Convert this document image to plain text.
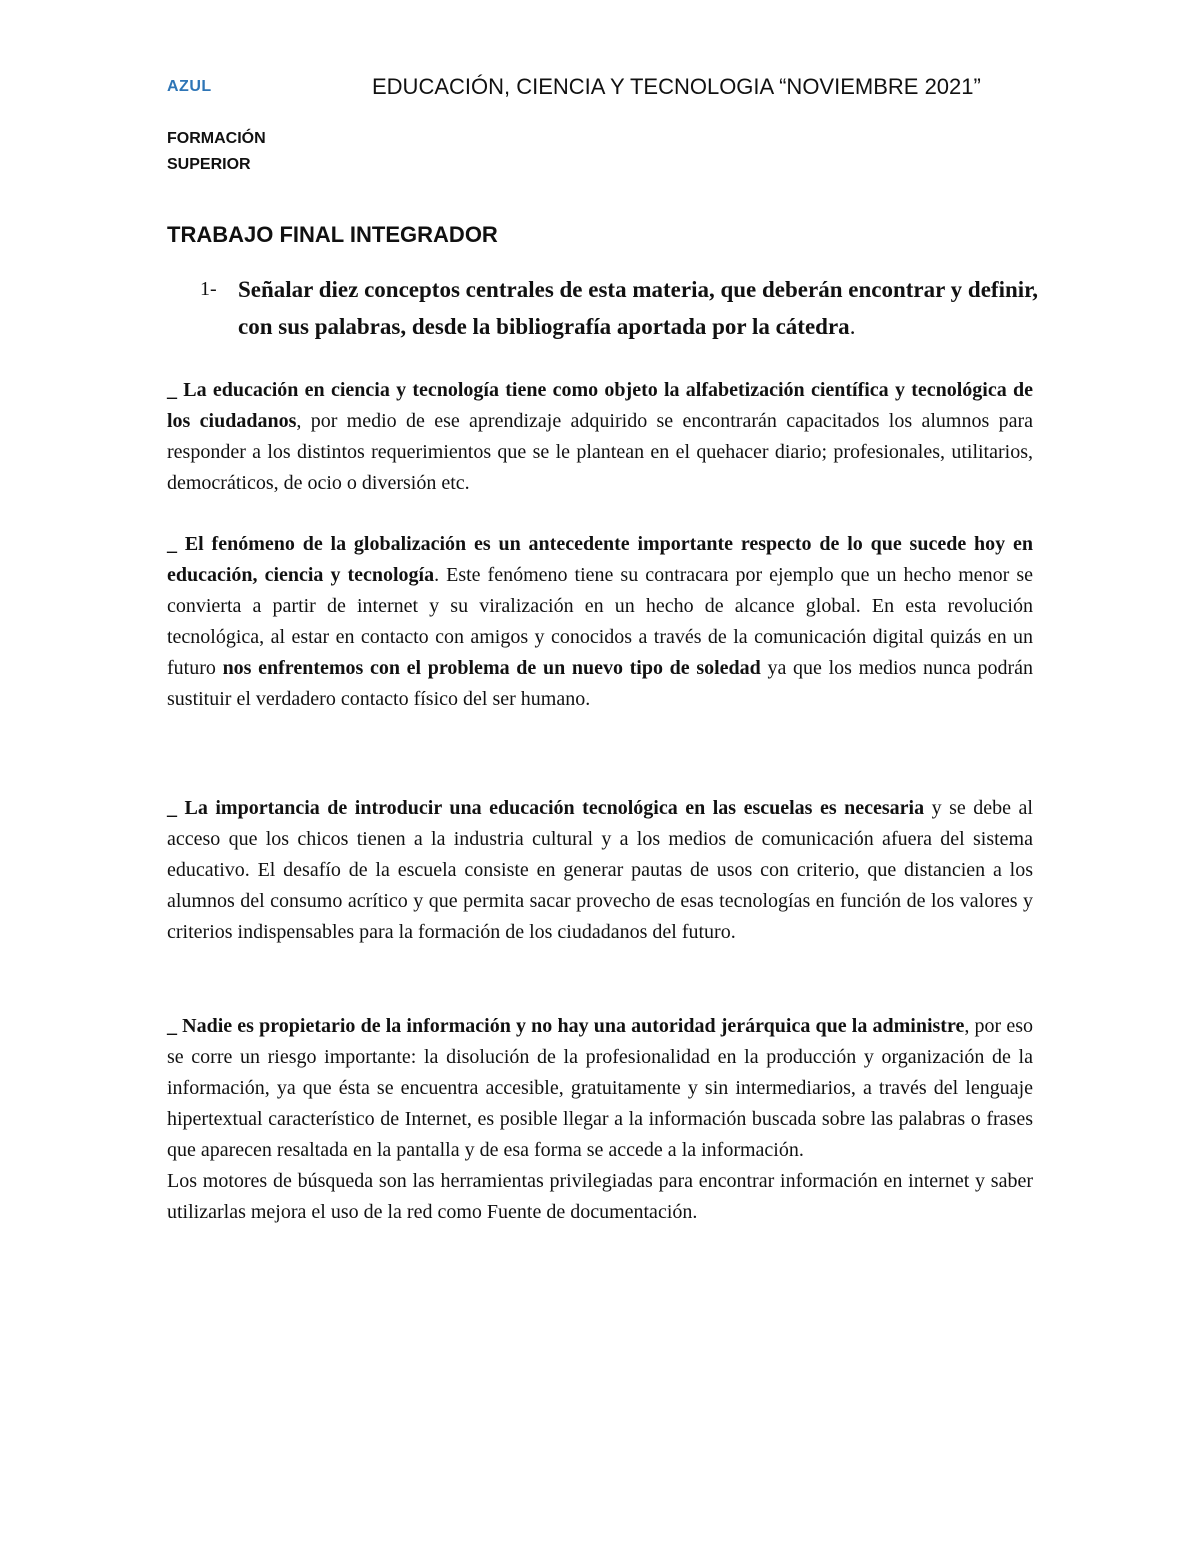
AZUL	EDUCACIÓN, CIENCIA Y TECNOLOGIA “NOVIEMBRE 2021”
FORMACIÓN
SUPERIOR
TRABAJO FINAL INTEGRADOR
1- Señalar diez conceptos centrales de esta materia, que deberán encontrar y definir, con sus palabras, desde la bibliografía aportada por la cátedra.
_ La educación en ciencia y tecnología tiene como objeto la alfabetización científica y tecnológica de los ciudadanos, por medio de ese aprendizaje adquirido se encontrarán capacitados los alumnos para responder a los distintos requerimientos que se le plantean en el quehacer diario; profesionales, utilitarios, democráticos, de ocio o diversión etc.
_ El fenómeno de la globalización es un antecedente importante respecto de lo que sucede hoy en educación, ciencia y tecnología. Este fenómeno tiene su contracara por ejemplo que un hecho menor se convierta a partir de internet y su viralización en un hecho de alcance global. En esta revolución tecnológica, al estar en contacto con amigos y conocidos a través de la comunicación digital quizás en un futuro nos enfrentemos con el problema de un nuevo tipo de soledad ya que los medios nunca podrán sustituir el verdadero contacto físico del ser humano.
_ La importancia de introducir una educación tecnológica en las escuelas es necesaria y se debe al acceso que los chicos tienen a la industria cultural y a los medios de comunicación afuera del sistema educativo. El desafío de la escuela consiste en generar pautas de usos con criterio, que distancien a los alumnos del consumo acrítico y que permita sacar provecho de esas tecnologías en función de los valores y criterios indispensables para la formación de los ciudadanos del futuro.
_ Nadie es propietario de la información y no hay una autoridad jerárquica que la administre, por eso se corre un riesgo importante: la disolución de la profesionalidad en la producción y organización de la información, ya que ésta se encuentra accesible, gratuitamente y sin intermediarios, a través del lenguaje hipertextual característico de Internet, es posible llegar a la información buscada sobre las palabras o frases que aparecen resaltada en la pantalla y de esa forma se accede a la información.
Los motores de búsqueda son las herramientas privilegiadas para encontrar información en internet y saber utilizarlas mejora el uso de la red como Fuente de documentación.
